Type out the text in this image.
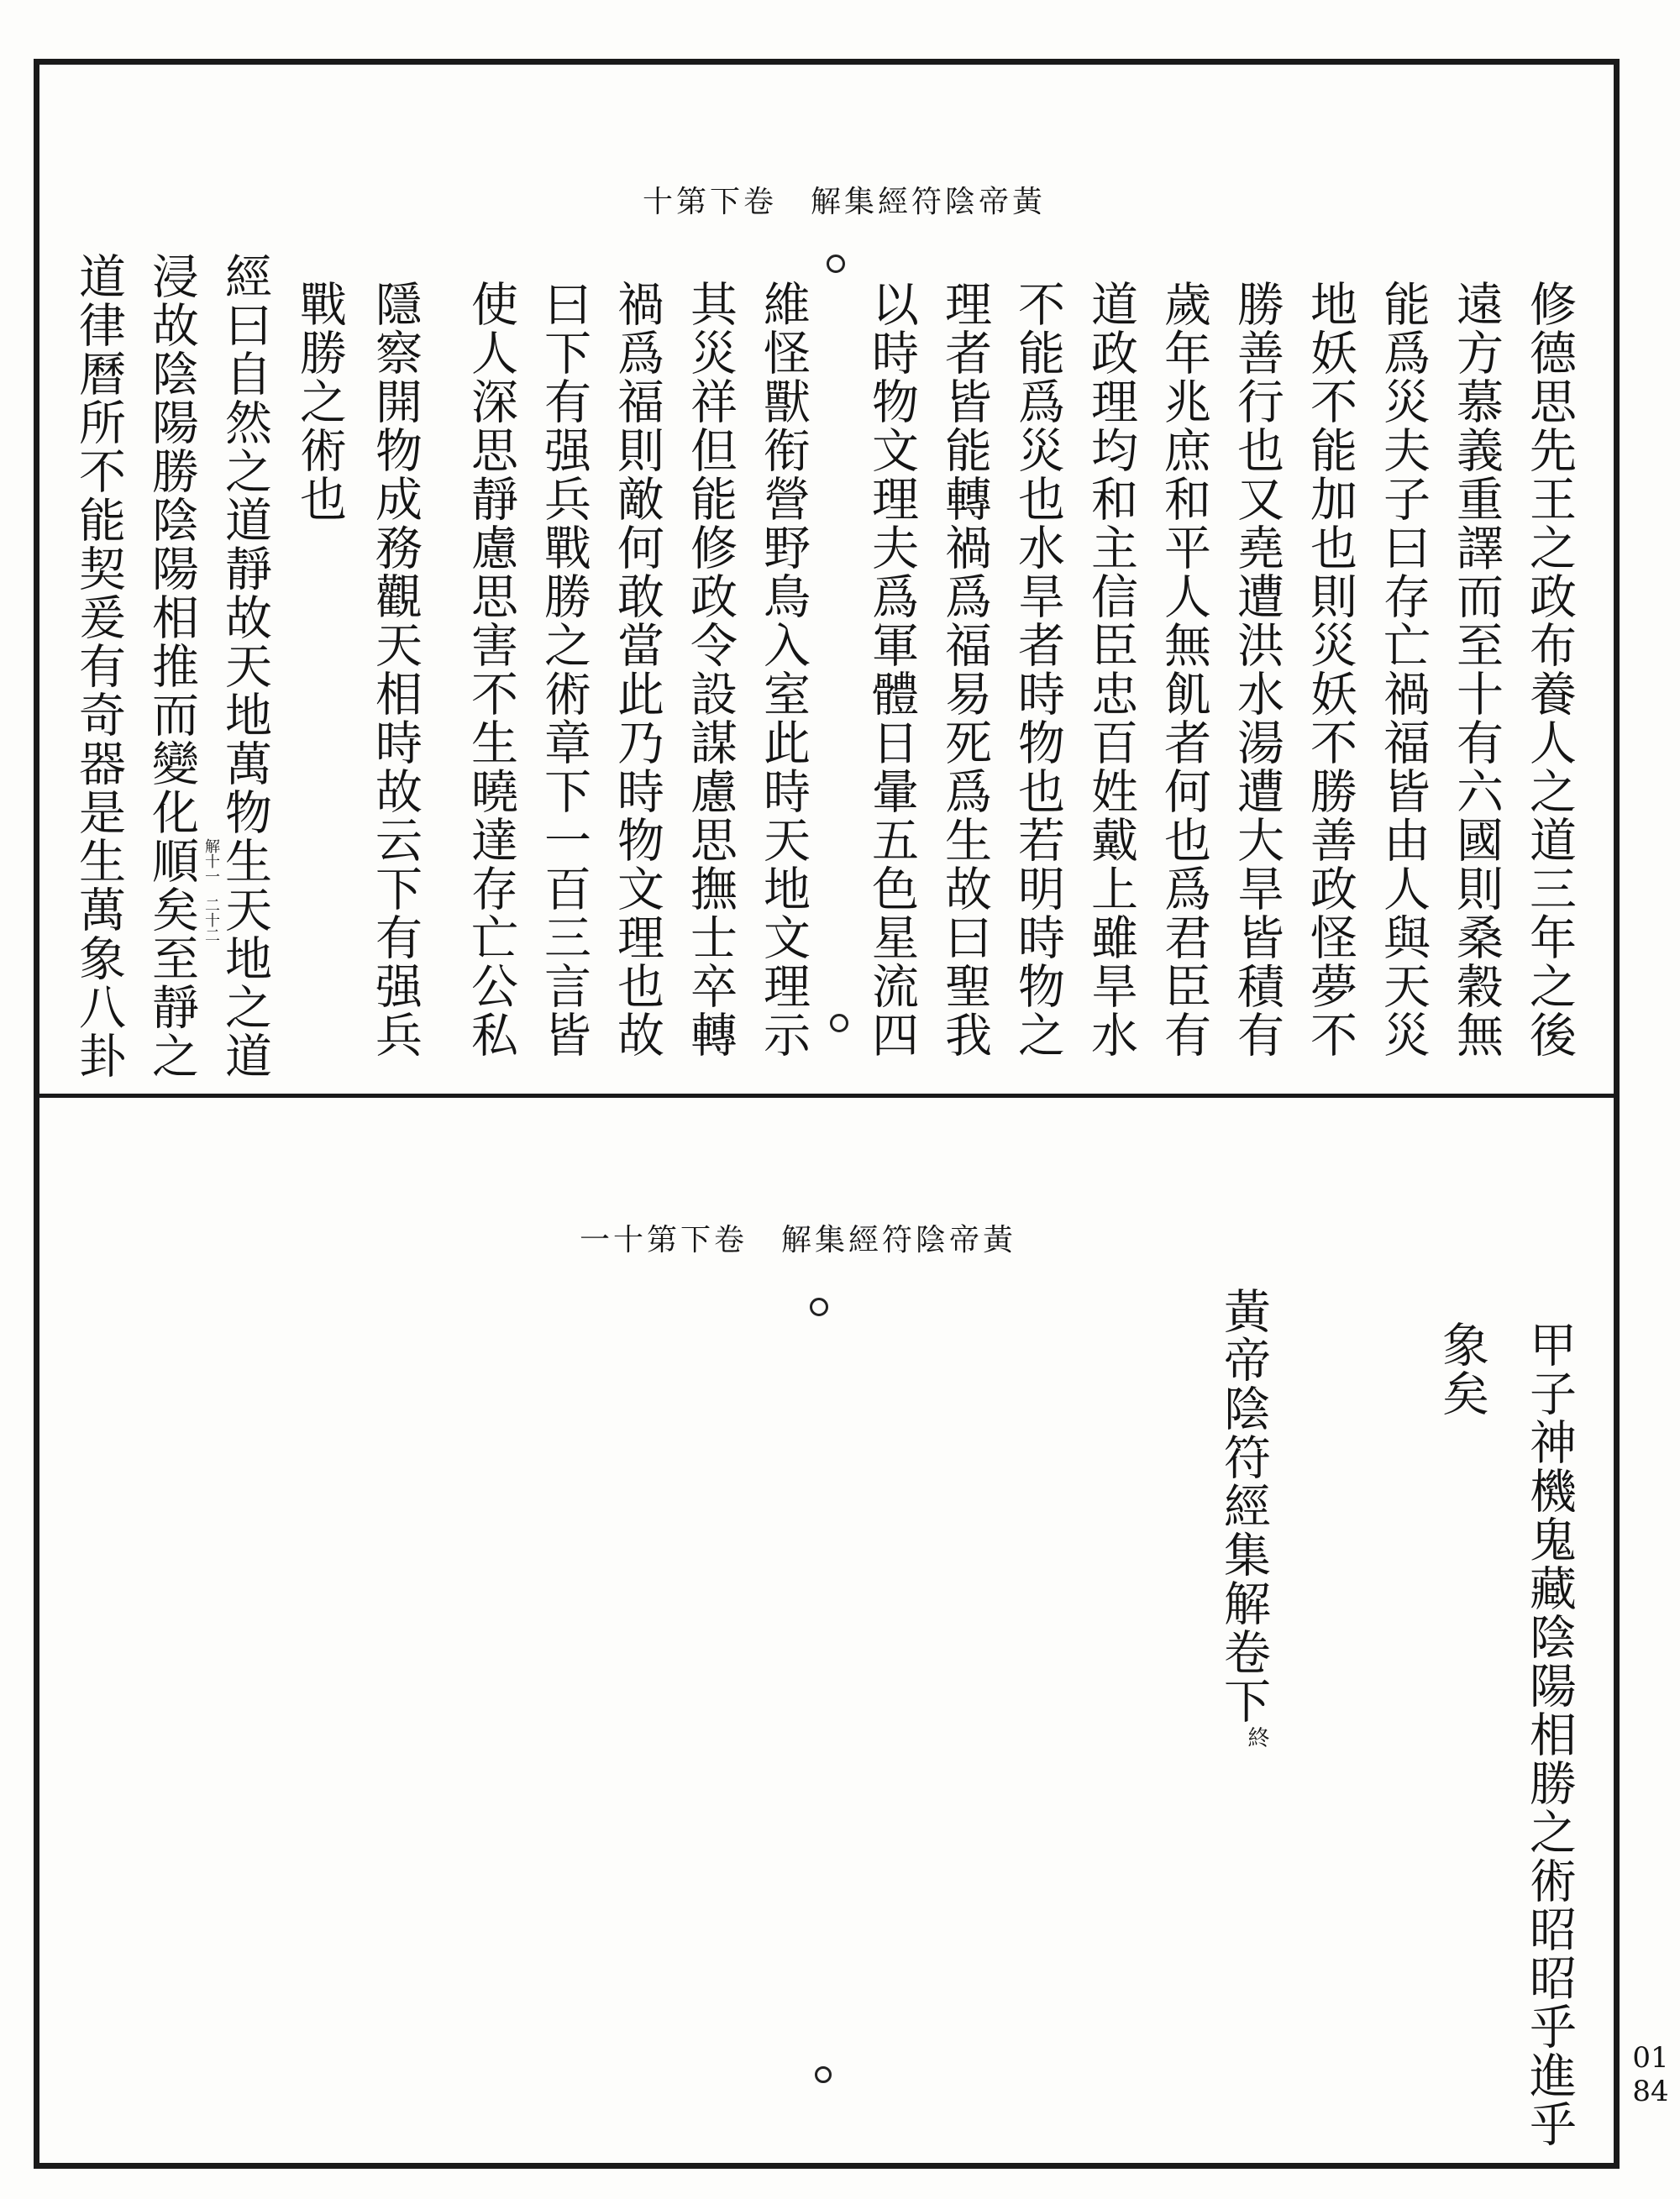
十第下卷　解集經符陰帝黃
修德思先王之政布養人之道三年之後
遠方慕義重譯而至十有六國則桑穀無
能爲災夫子曰存亡禍福皆由人與天災
地妖不能加也則災妖不勝善政怪夢不
勝善行也又堯遭洪水湯遭大旱皆積有
歲年兆庶和平人無飢者何也爲君臣有
道政理均和主信臣忠百姓戴上雖旱水
不能爲災也水旱者時物也若明時物之
理者皆能轉禍爲福易死爲生故曰聖我
以時物文理夫爲軍體日暈五色星流四
維怪獸衔營野鳥入室此時天地文理示
其災祥但能修政令設謀慮思撫士卒轉
禍爲福則敵何敢當此乃時物文理也故
曰下有强兵戰勝之術章下一百三言皆
使人深思靜慮思害不生曉達存亡公私
隱察開物成務觀天相時故云下有强兵
戰勝之術也
經曰自然之道靜故天地萬物生天地之道
浸故陰陽勝陰陽相推而變化順矣至靜之
道律曆所不能契爰有奇器是生萬象八卦	解十一
二十二
一十第下卷　解集經符陰帝黃
甲子神機鬼藏陰陽相勝之術昭昭乎進乎
象矣
黃帝陰符經集解卷下
終
0184
